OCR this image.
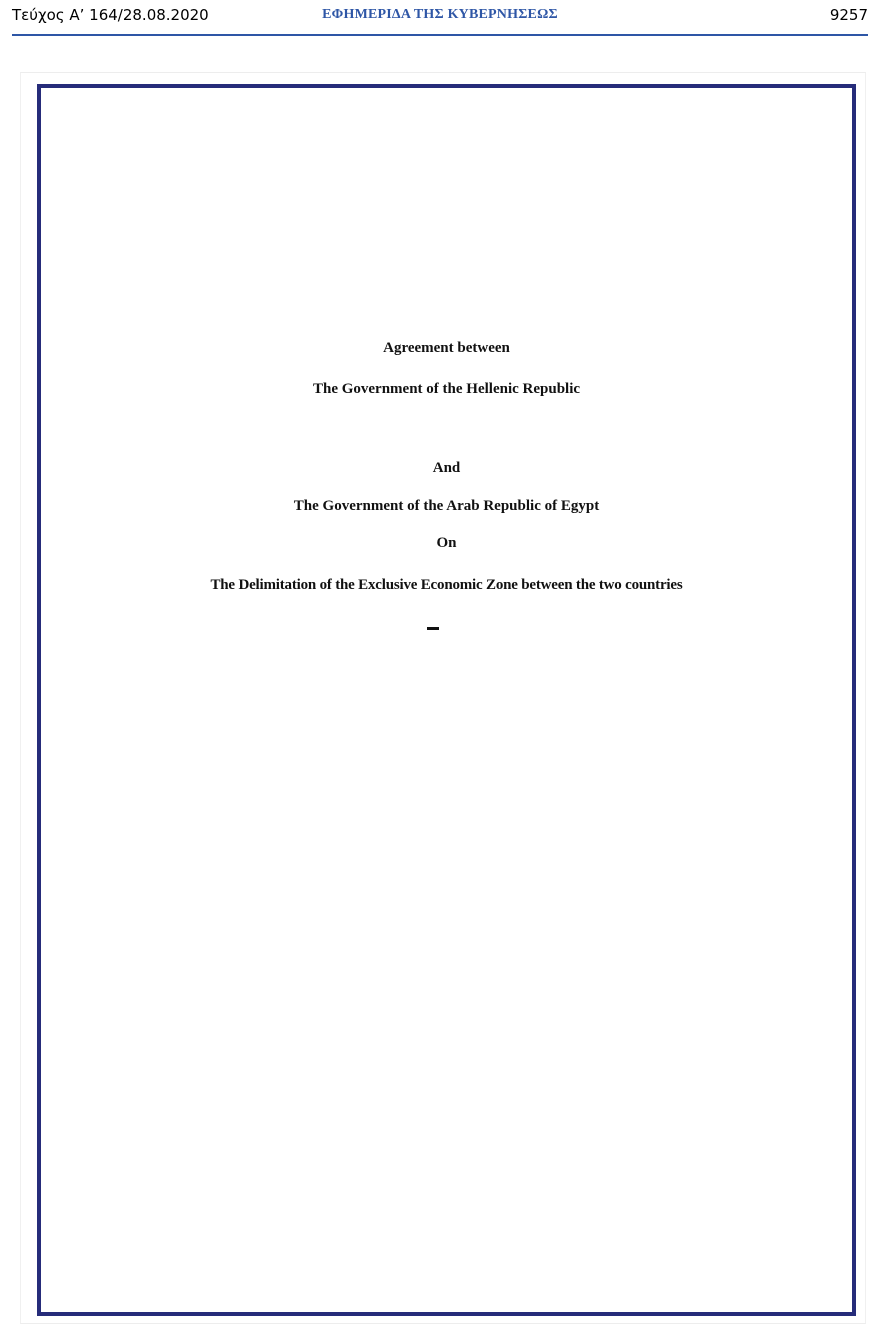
Τεύχος Α’ 164/28.08.2020	ΕΦΗΜΕΡΙΔΑ ΤΗΣ ΚΥΒΕΡΝΗΣΕΩΣ	9257
Agreement between
The Government of the Hellenic Republic
And
The Government of the Arab Republic of Egypt
On
The Delimitation of the Exclusive Economic Zone between the two countries
